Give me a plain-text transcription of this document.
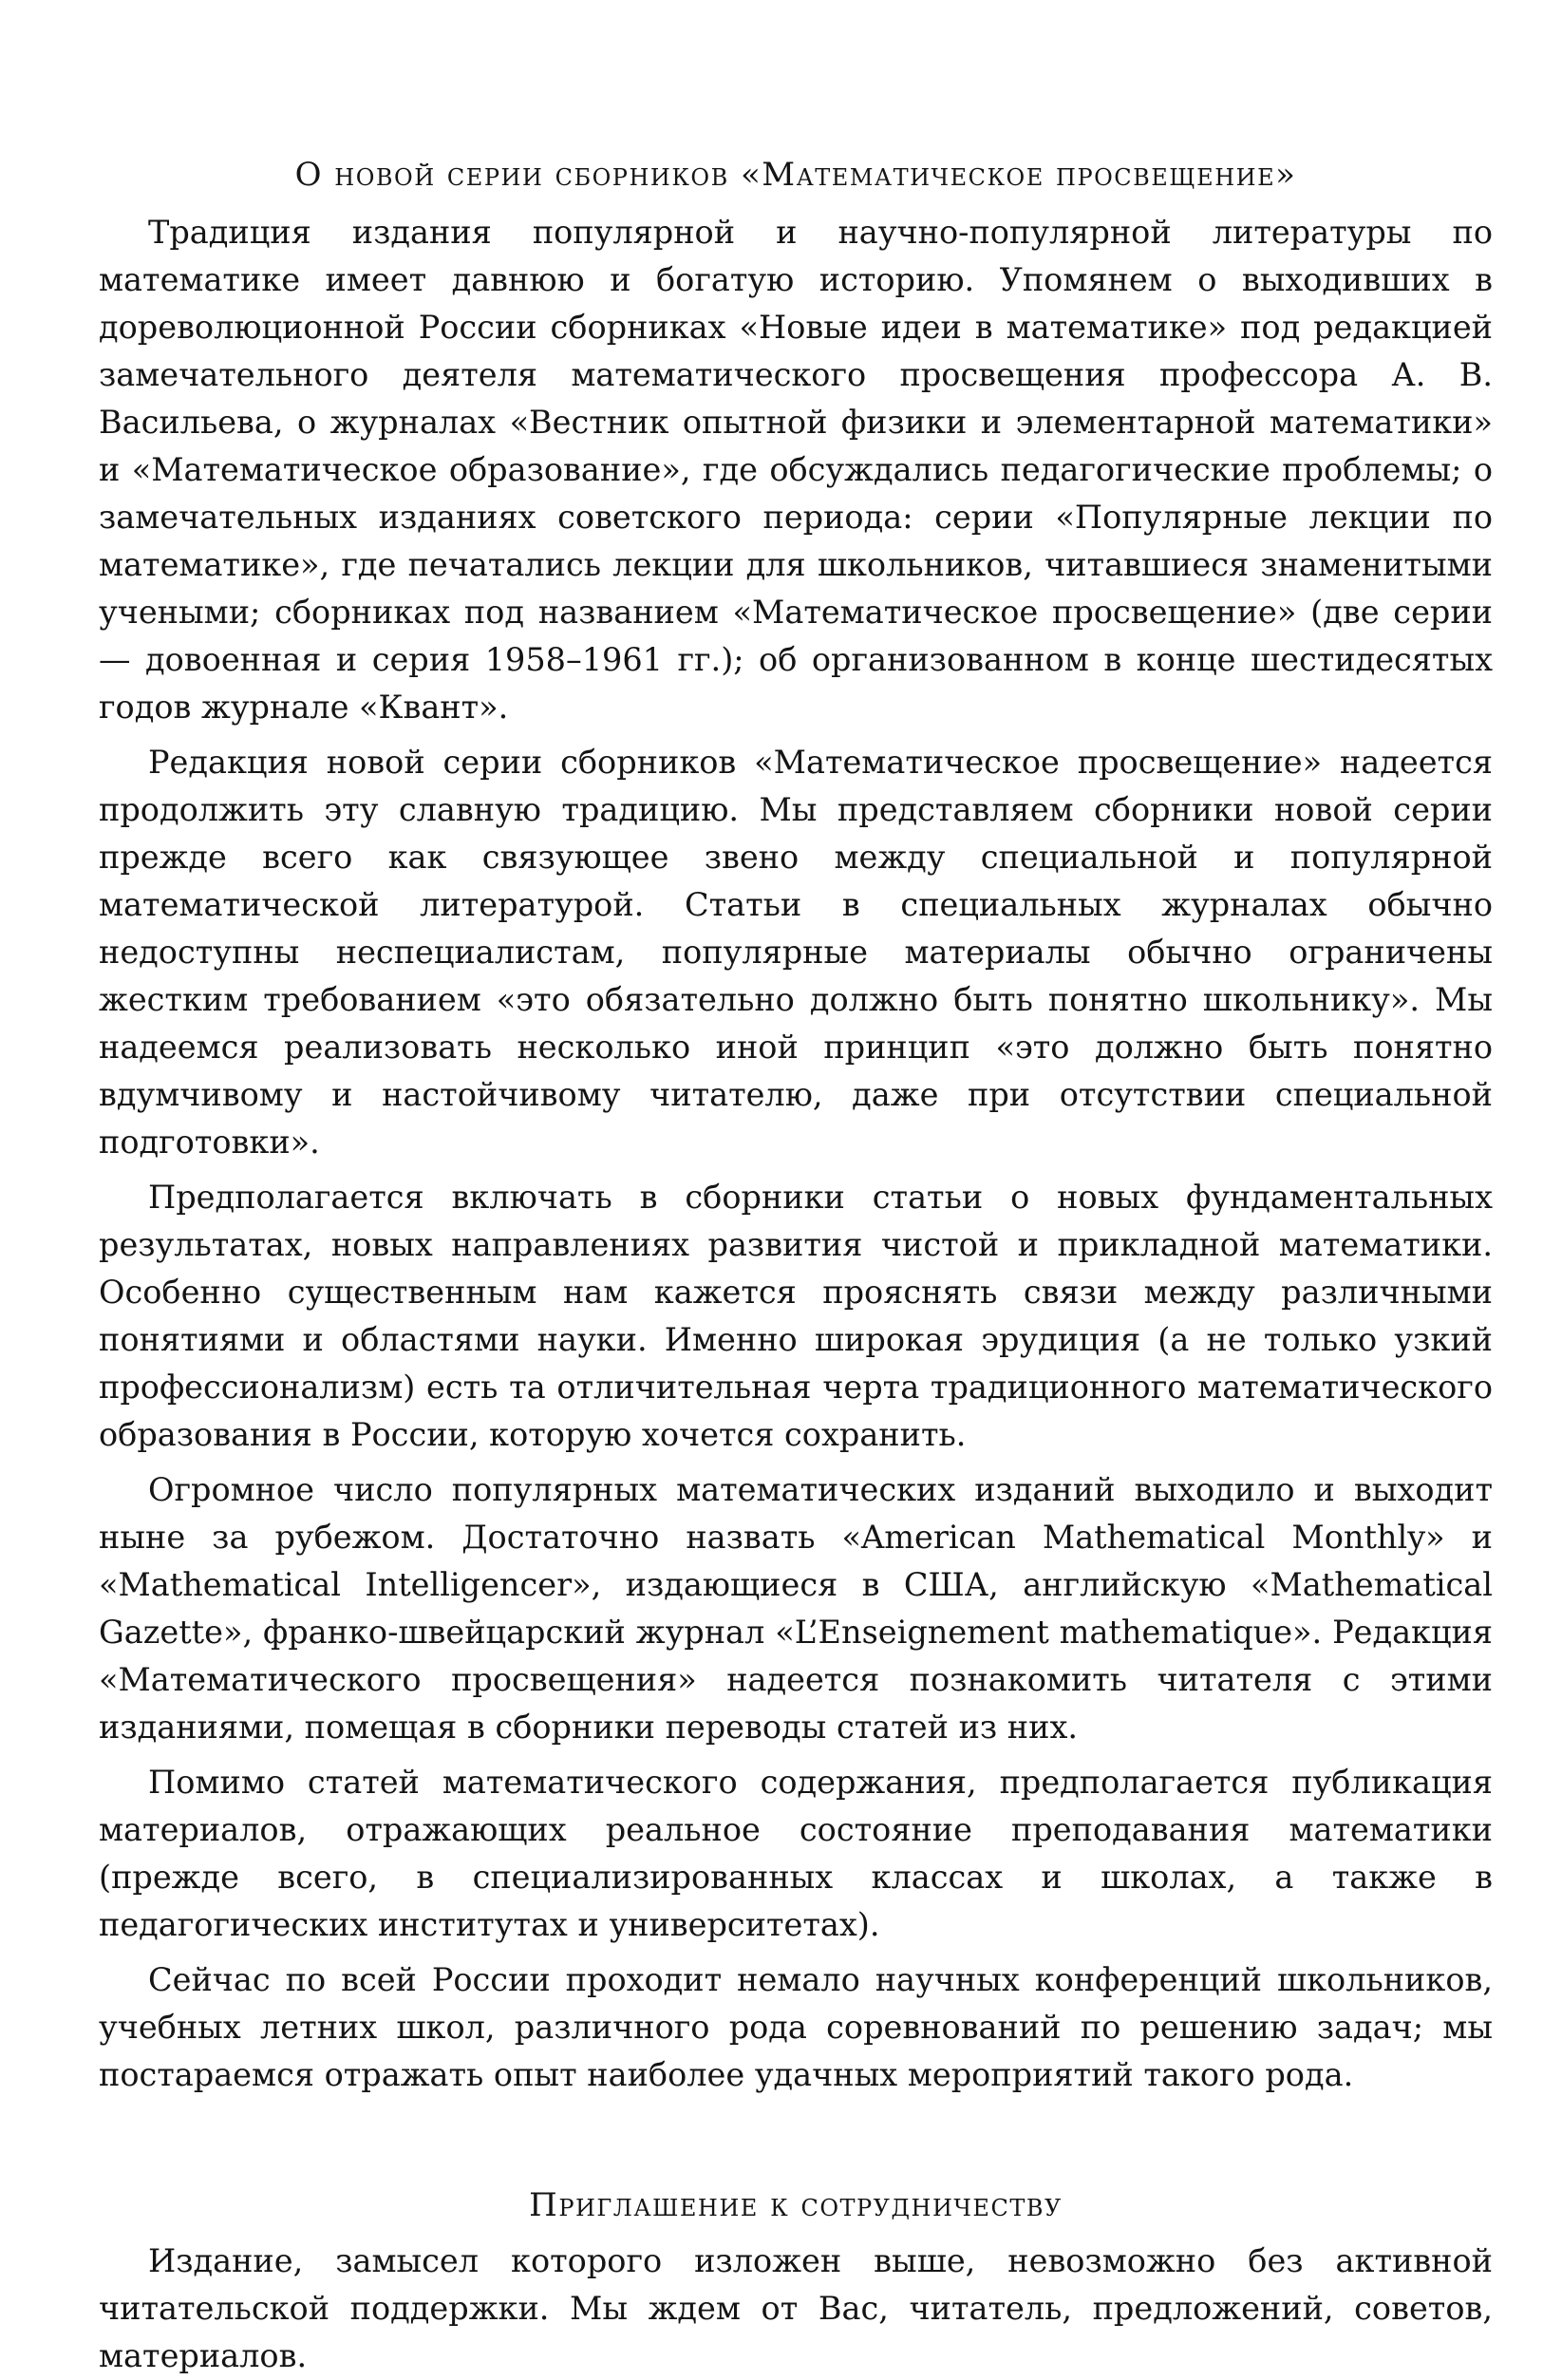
О новой серии сборников «Математическое просвещение»

Традиция издания популярной и научно-популярной литературы по математике имеет давнюю и богатую историю. Упомянем о выходивших в дореволюционной России сборниках «Новые идеи в математике» под редакцией замечательного деятеля математического просвещения профессора А. В. Васильева, о журналах «Вестник опытной физики и элементарной математики» и «Математическое образование», где обсуждались педагогические проблемы; о замечательных изданиях советского периода: серии «Популярные лекции по математике», где печатались лекции для школьников, читавшиеся знаменитыми учеными; сборниках под названием «Математическое просвещение» (две серии — довоенная и серия 1958–1961 гг.); об организованном в конце шестидесятых годов журнале «Квант».

Редакция новой серии сборников «Математическое просвещение» надеется продолжить эту славную традицию. Мы представляем сборники новой серии прежде всего как связующее звено между специальной и популярной математической литературой. Статьи в специальных журналах обычно недоступны неспециалистам, популярные материалы обычно ограничены жестким требованием «это обязательно должно быть понятно школьнику». Мы надеемся реализовать несколько иной принцип «это должно быть понятно вдумчивому и настойчивому читателю, даже при отсутствии специальной подготовки».

Предполагается включать в сборники статьи о новых фундаментальных результатах, новых направлениях развития чистой и прикладной математики. Особенно существенным нам кажется прояснять связи между различными понятиями и областями науки. Именно широкая эрудиция (а не только узкий профессионализм) есть та отличительная черта традиционного математического образования в России, которую хочется сохранить.

Огромное число популярных математических изданий выходило и выходит ныне за рубежом. Достаточно назвать «American Mathematical Monthly» и «Mathematical Intelligencer», издающиеся в США, английскую «Mathematical Gazette», франко-швейцарский журнал «L’Enseignement mathematique». Редакция «Математического просвещения» надеется познакомить читателя с этими изданиями, помещая в сборники переводы статей из них.

Помимо статей математического содержания, предполагается публикация материалов, отражающих реальное состояние преподавания математики (прежде всего, в специализированных классах и школах, а также в педагогических институтах и университетах).

Сейчас по всей России проходит немало научных конференций школьников, учебных летних школ, различного рода соревнований по решению задач; мы постараемся отражать опыт наиболее удачных мероприятий такого рода.

Приглашение к сотрудничеству

Издание, замысел которого изложен выше, невозможно без активной читательской поддержки. Мы ждем от Вас, читатель, предложений, советов, материалов.
